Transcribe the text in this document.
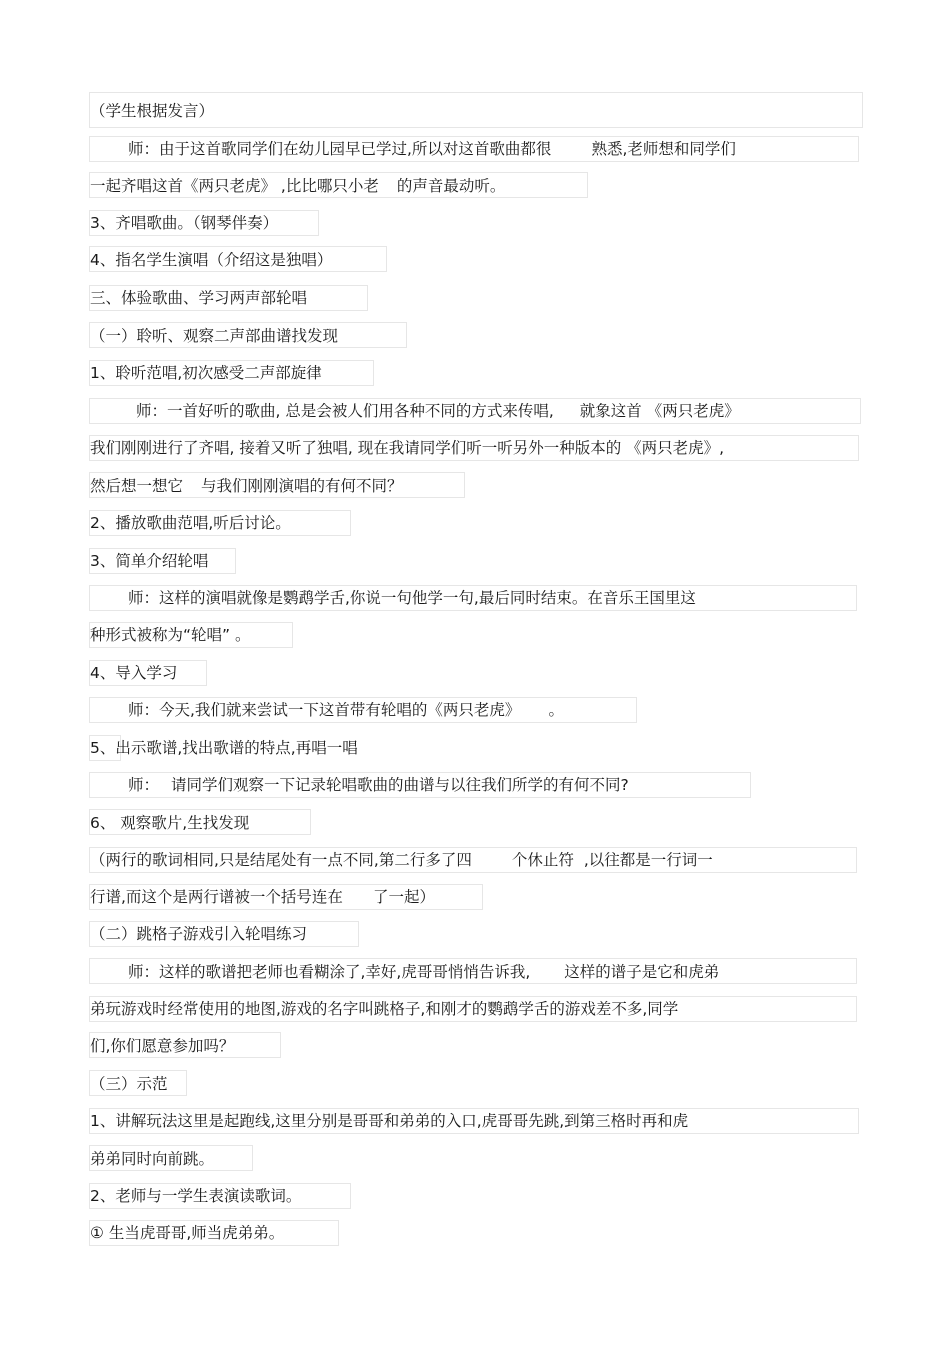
（学生根据发言）
师：由于这首歌同学们在幼儿园早已学过,所以对这首歌曲都很	熟悉,老师想和同学们
一起齐唱这首《两只老虎》 ,比比哪只小老 的声音最动听。
3、齐唱歌曲。（钢琴伴奏）
4、指名学生演唱（介绍这是独唱）
三、体验歌曲、学习两声部轮唱
（一）聆听、观察二声部曲谱找发现
1、聆听范唱,初次感受二声部旋律
师：一首好听的歌曲, 总是会被人们用各种不同的方式来传唱, 就象这首 《两只老虎》
我们刚刚进行了齐唱, 接着又听了独唱, 现在我请同学们听一听另外一种版本的 《两只老虎》,
然后想一想它 与我们刚刚演唱的有何不同？
2、播放歌曲范唱,听后讨论。
3、简单介绍轮唱
师：这样的演唱就像是鹦鹉学舌,你说一句他学一句,最后同时结束。在音乐王国里这
种形式被称为“轮唱” 。
4、导入学习
师：今天,我们就来尝试一下这首带有轮唱的《两只老虎》 。
5、出示歌谱,找出歌谱的特点,再唱一唱
师： 请同学们观察一下记录轮唱歌曲的曲谱与以往我们所学的有何不同?
6、 观察歌片,生找发现
（两行的歌词相同,只是结尾处有一点不同,第二行多了四	个休止符 ,以往都是一行词一
行谱,而这个是两行谱被一个括号连在 了一起）
（二）跳格子游戏引入轮唱练习
师：这样的歌谱把老师也看糊涂了,幸好,虎哥哥悄悄告诉我, 这样的谱子是它和虎弟
弟玩游戏时经常使用的地图,游戏的名字叫跳格子,和刚才的鹦鹉学舌的游戏差不多,同学
们,你们愿意参加吗？
（三）示范
1、讲解玩法这里是起跑线,这里分别是哥哥和弟弟的入口,虎哥哥先跳,到第三格时再和虎
弟弟同时向前跳。
2、老师与一学生表演读歌词。
① 生当虎哥哥,师当虎弟弟。
